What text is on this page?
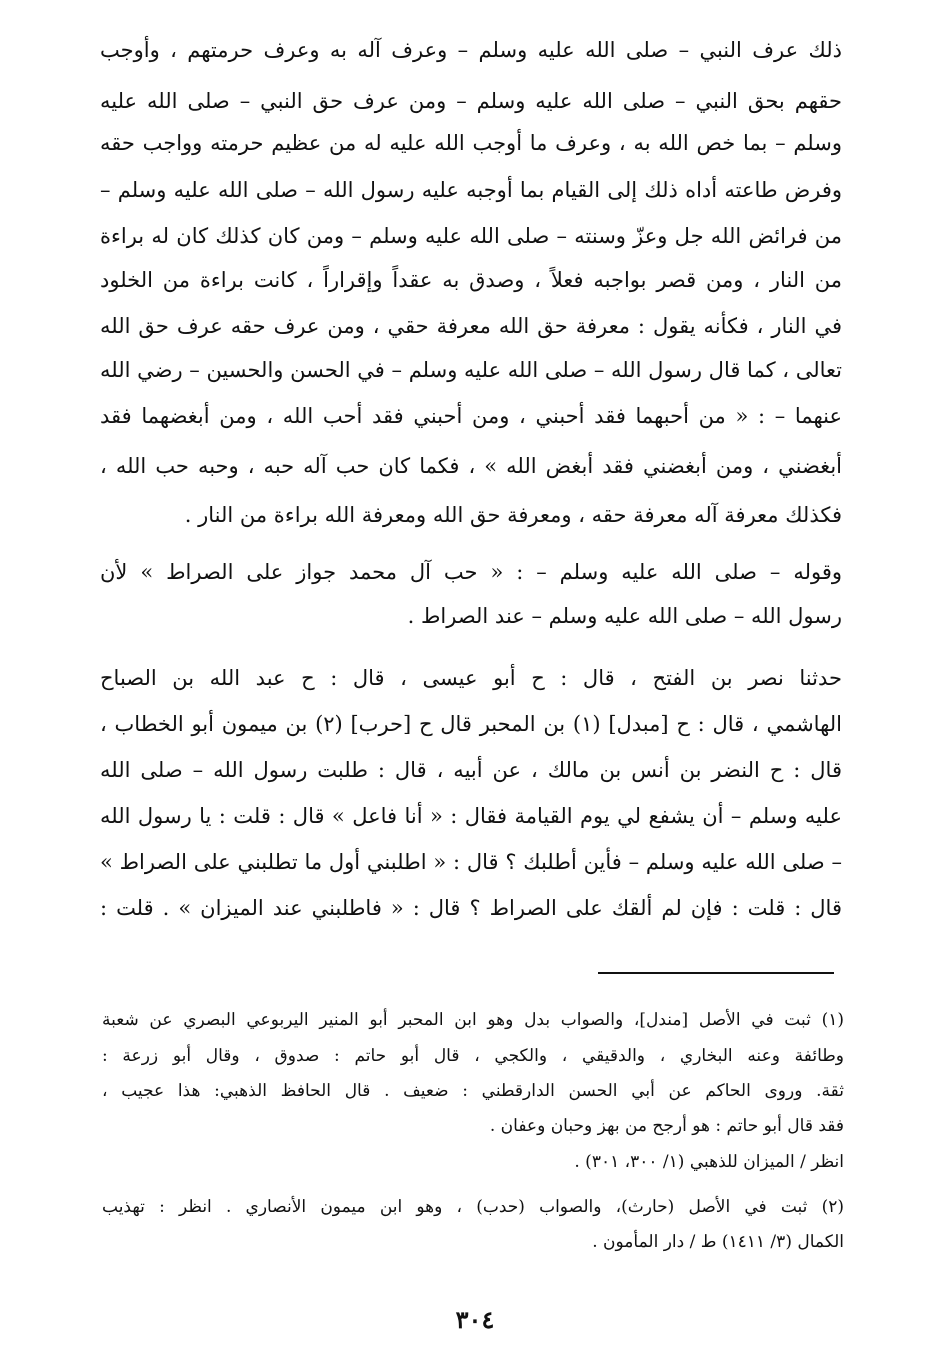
ذلك عرف النبي – صلى الله عليه وسلم – وعرف آله به وعرف حرمتهم ، وأوجب
حقهم بحق النبي – صلى الله عليه وسلم – ومن عرف حق النبي – صلى الله عليه
وسلم – بما خص الله به ، وعرف ما أوجب الله عليه له من عظيم حرمته وواجب حقه
وفرض طاعته أداه ذلك إلى القيام بما أوجبه عليه رسول الله – صلى الله عليه وسلم –
من فرائض الله جل وعزّ وسنته – صلى الله عليه وسلم – ومن كان كذلك كان له براءة
من النار ، ومن قصر بواجبه فعلاً ، وصدق به عقداً وإقراراً ، كانت براءة من الخلود
في النار ، فكأنه يقول : معرفة حق الله معرفة حقي ، ومن عرف حقه عرف حق الله
تعالى ، كما قال رسول الله – صلى الله عليه وسلم – في الحسن والحسين – رضي الله
عنهما – : « من أحبهما فقد أحبني ، ومن أحبني فقد أحب الله ، ومن أبغضهما فقد
أبغضني ، ومن أبغضني فقد أبغض الله » ، فكما كان حب آله حبه ، وحبه حب الله ،
فكذلك معرفة آله معرفة حقه ، ومعرفة حق الله ومعرفة الله براءة من النار .
وقوله – صلى الله عليه وسلم – : « حب آل محمد جواز على الصراط » لأن
رسول الله – صلى الله عليه وسلم – عند الصراط .
حدثنا نصر بن الفتح ، قال : ح أبو عيسى ، قال : ح عبد الله بن الصباح
الهاشمي ، قال : ح [مبدل] (١) بن المحبر قال ح [حرب] (٢) بن ميمون أبو الخطاب ،
قال : ح النضر بن أنس بن مالك ، عن أبيه ، قال : طلبت رسول الله – صلى الله
عليه وسلم – أن يشفع لي يوم القيامة فقال : « أنا فاعل » قال : قلت : يا رسول الله
– صلى الله عليه وسلم – فأين أطلبك ؟ قال : « اطلبني أول ما تطلبني على الصراط »
قال : قلت : فإن لم ألقك على الصراط ؟ قال : « فاطلبني عند الميزان » . قلت :
(١) ثبت في الأصل [مندل]، والصواب بدل وهو ابن المحبر أبو المنير اليربوعي البصري عن شعبة
وطائفة وعنه البخاري ، والدقيقي ، والكجي ، قال أبو حاتم : صدوق ، وقال أبو زرعة :
ثقة. وروى الحاكم عن أبي الحسن الدارقطني : ضعيف . قال الحافظ الذهبي: هذا عجيب ،
فقد قال أبو حاتم : هو أرجح من بهز وحبان وعفان .
انظر / الميزان للذهبي (١/ ٣٠٠، ٣٠١) .
(٢) ثبت في الأصل (حارث)، والصواب (حدب) ، وهو ابن ميمون الأنصاري . انظر : تهذيب
الكمال (٣/ ١٤١١) ط / دار المأمون .
٣٠٤
